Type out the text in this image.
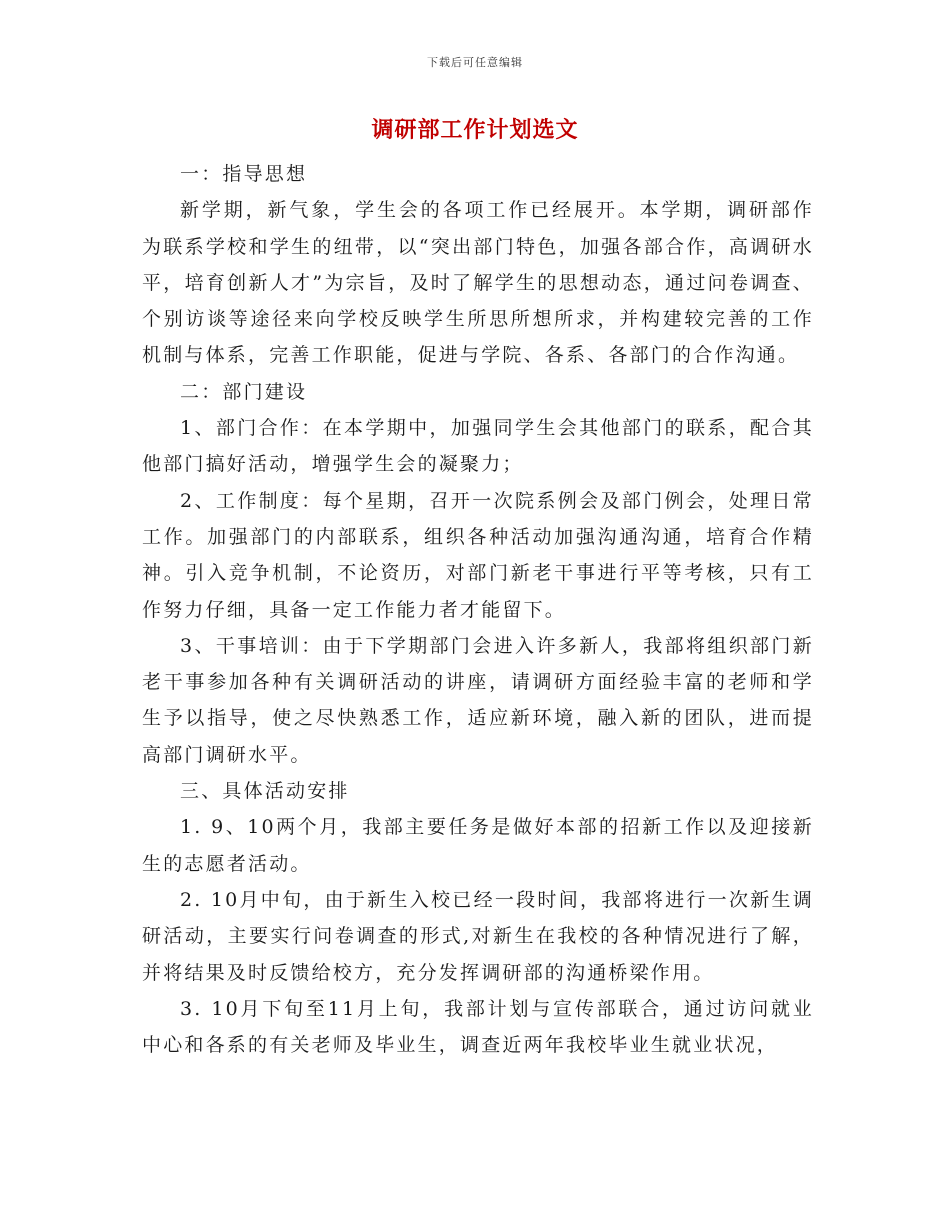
下载后可任意编辑
调研部工作计划选文

一：指导思想

新学期，新气象，学生会的各项工作已经展开。本学期，调研部作为联系学校和学生的纽带，以“突出部门特色，加强各部合作，高调研水平，培育创新人才”为宗旨，及时了解学生的思想动态，通过问卷调查、个别访谈等途径来向学校反映学生所思所想所求，并构建较完善的工作机制与体系，完善工作职能，促进与学院、各系、各部门的合作沟通。

二：部门建设

1、部门合作：在本学期中，加强同学生会其他部门的联系，配合其他部门搞好活动，增强学生会的凝聚力；

2、工作制度：每个星期，召开一次院系例会及部门例会，处理日常工作。加强部门的内部联系，组织各种活动加强沟通沟通，培育合作精神。引入竞争机制，不论资历，对部门新老干事进行平等考核，只有工作努力仔细，具备一定工作能力者才能留下。

3、干事培训：由于下学期部门会进入许多新人，我部将组织部门新老干事参加各种有关调研活动的讲座，请调研方面经验丰富的老师和学生予以指导，使之尽快熟悉工作，适应新环境，融入新的团队，进而提高部门调研水平。

三、具体活动安排

1. 9、10两个月，我部主要任务是做好本部的招新工作以及迎接新生的志愿者活动。

2. 10月中旬，由于新生入校已经一段时间，我部将进行一次新生调研活动，主要实行问卷调查的形式,对新生在我校的各种情况进行了解，并将结果及时反馈给校方，充分发挥调研部的沟通桥梁作用。

3. 10月下旬至11月上旬，我部计划与宣传部联合，通过访问就业中心和各系的有关老师及毕业生，调查近两年我校毕业生就业状况，
